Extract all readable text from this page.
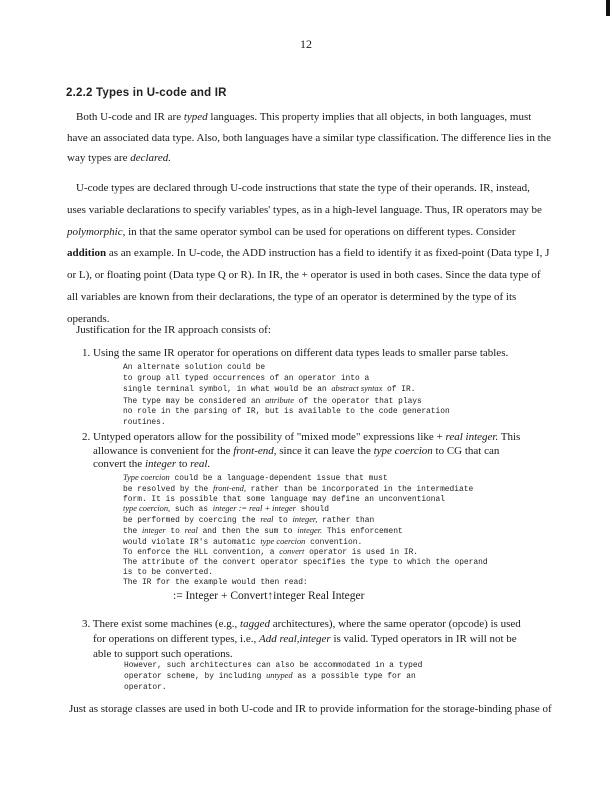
12
2.2.2 Types in U-code and IR
Both U-code and IR are typed languages. This property implies that all objects, in both languages, must
have an associated data type. Also, both languages have a similar type classification. The difference lies in the
way types are declared.
U-code types are declared through U-code instructions that state the type of their operands. IR, instead,
uses variable declarations to specify variables' types, as in a high-level language. Thus, IR operators may be
polymorphic, in that the same operator symbol can be used for operations on different types. Consider
addition as an example. In U-code, the ADD instruction has a field to identify it as fixed-point (Data type I, J
or L), or floating point (Data type Q or R). In IR, the + operator is used in both cases. Since the data type of
all variables are known from their declarations, the type of an operator is determined by the type of its
operands.
Justification for the IR approach consists of:
1. Using the same IR operator for operations on different data types leads to smaller parse tables.
An alternate solution could be
to group all typed occurrences of an operator into a
single terminal symbol, in what would be an abstract syntax of IR.
The type may be considered an attribute of the operator that plays
no role in the parsing of IR, but is available to the code generation
routines.
2. Untyped operators allow for the possibility of "mixed mode" expressions like + real integer. This
allowance is convenient for the front-end, since it can leave the type coercion to CG that can
convert the integer to real.
Type coercion could be a language-dependent issue that must
be resolved by the front-end, rather than be incorporated in the intermediate
form. It is possible that some language may define an unconventional
type coercion, such as integer := real + integer should
be performed by coercing the real to integer, rather than
the integer to real and then the sum to integer. This enforcement
would violate IR's automatic type coercion convention.
To enforce the HLL convention, a convert operator is used in IR.
The attribute of the convert operator specifies the type to which the operand
is to be converted.
The IR for the example would then read:
:= Integer + Convert↑integer Real Integer
3. There exist some machines (e.g., tagged architectures), where the same operator (opcode) is used
for operations on different types, i.e., Add real,integer is valid. Typed operators in IR will not be
able to support such operations.
However, such architectures can also be accommodated in a typed
operator scheme, by including untyped as a possible type for an
operator.
Just as storage classes are used in both U-code and IR to provide information for the storage-binding phase of
